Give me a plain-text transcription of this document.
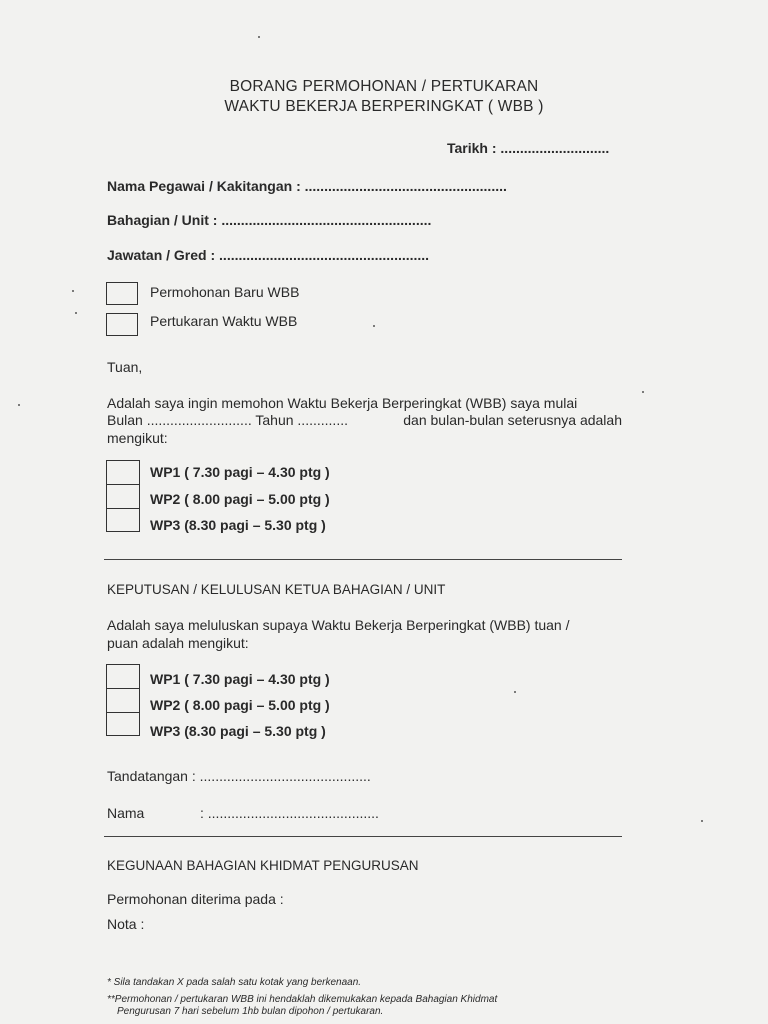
BORANG PERMOHONAN / PERTUKARAN
WAKTU BEKERJA BERPERINGKAT ( WBB )
Tarikh : ............................
Nama Pegawai / Kakitangan : ....................................................
Bahagian / Unit : ......................................................
Jawatan / Gred : ......................................................
Permohonan Baru WBB
Pertukaran Waktu WBB
Tuan,
Adalah saya ingin memohon Waktu Bekerja Berperingkat (WBB) saya mulai
Bulan ........................... Tahun .............	dan bulan-bulan seterusnya adalah
mengikut:
WP1 ( 7.30 pagi – 4.30 ptg )
WP2 ( 8.00 pagi – 5.00 ptg )
WP3 (8.30 pagi – 5.30 ptg )
KEPUTUSAN / KELULUSAN KETUA BAHAGIAN / UNIT
Adalah saya meluluskan supaya Waktu Bekerja Berperingkat (WBB) tuan /
puan adalah mengikut:
WP1 ( 7.30 pagi – 4.30 ptg )
WP2 ( 8.00 pagi – 5.00 ptg )
WP3 (8.30 pagi – 5.30 ptg )
Tandatangan : ............................................
Nama	: ............................................
KEGUNAAN BAHAGIAN KHIDMAT PENGURUSAN
Permohonan diterima pada :
Nota :
* Sila tandakan X pada salah satu kotak yang berkenaan.
**Permohonan / pertukaran WBB ini hendaklah dikemukakan kepada Bahagian Khidmat
Pengurusan 7 hari sebelum 1hb bulan dipohon / pertukaran.
